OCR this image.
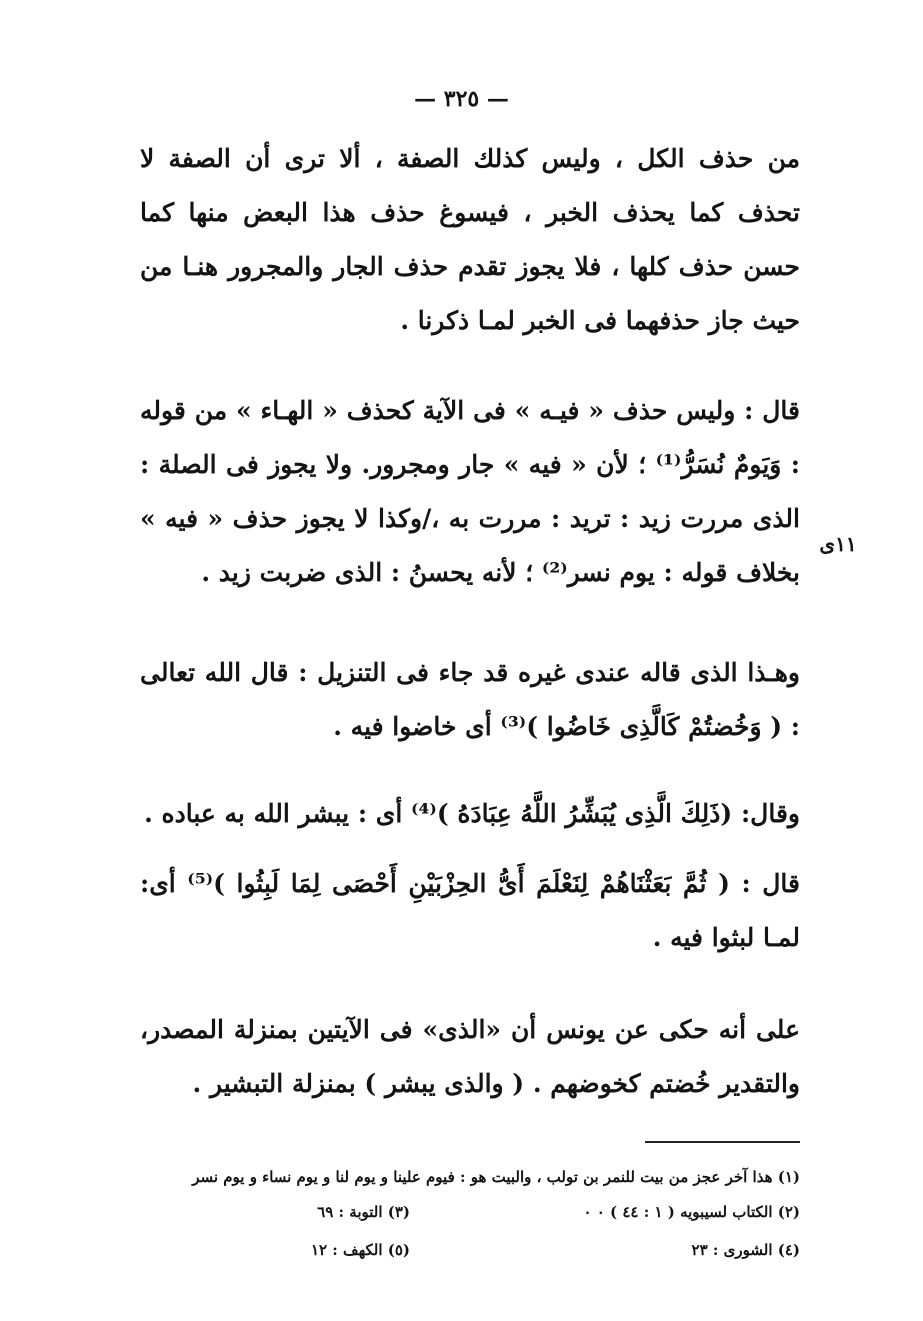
— ٣٢٥ —

من حذف الكل ، وليس كذلك الصفة ، ألا ترى أن الصفة لا تحذف كما يحذف الخبر ، فيسوغ حذف هذا البعض منها كما حسن حذف كلها ، فلا يجوز تقدم حذف الجار والمجرور هنـا من حيث جاز حذفهما فى الخبر لمـا ذكرنا .

قال : وليس حذف « فيـه » فى الآية كحذف « الهـاء » من قوله : وَيَومٌ نُسَرُّ⁽¹⁾ ؛ لأن « فيه » جار ومجرور. ولا يجوز فى الصلة : الذى مررت زيد : تريد : مررت به ،/وكذا لا يجوز حذف « فيه » بخلاف قوله : يوم نسر⁽²⁾ ؛ لأنه يحسنُ : الذى ضربت زيد .

١١ى

وهـذا الذى قاله عندى غيره قد جاء فى التنزيل : قال الله تعالى : ( وَخُضتُمْ كَالَّذِى خَاضُوا )⁽³⁾ أى خاضوا فيه .

وقال: (ذَلِكَ الَّذِى يُبَشِّرُ اللَّهُ عِبَادَهُ )⁽⁴⁾ أى : يبشر الله به عباده .

قال : ( ثُمَّ بَعَثْنَاهُمْ لِنَعْلَمَ أَىُّ الحِزْبَيْنِ أَحْصَى لِمَا لَبِثُوا )⁽⁵⁾ أى: لمـا لبثوا فيه .

على أنه حكى عن يونس أن «الذى» فى الآيتين بمنزلة المصدر، والتقدير خُضتم كخوضهم . ( والذى يبشر ) بمنزلة التبشير .

(١) هذا آخر عجز من بيت للنمر بن تولب ، والبيت هو : فيوم علينا و يوم لنا و يوم نساء و يوم نسر
(٢) الكتاب لسيبويه ( ١ : ٤٤ ) ٠ ٠
(٣) التوبة : ٦٩
(٤) الشورى : ٢٣
(٥) الكهف : ١٢
